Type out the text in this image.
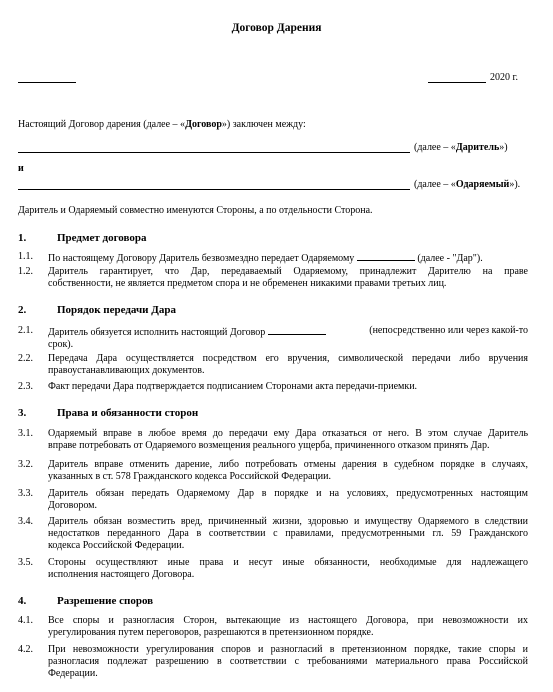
Договор Дарения
2020 г.
Настоящий Договор дарения (далее – «Договор») заключен между:
(далее – «Даритель»)
и
(далее – «Одаряемый»).
Даритель и Одаряемый совместно именуются Стороны, а по отдельности Сторона.
1.	Предмет договора
1.1.	По настоящему Договору Даритель безвозмездно передает Одаряемому	(далее - "Дар").
1.2.	Даритель гарантирует, что Дар, передаваемый Одаряемому, принадлежит Дарителю на праве
собственности, не является предметом спора и не обременен никакими правами третьих лиц.
2.	Порядок передачи Дара
2.1.	Даритель обязуется исполнить настоящий Договор	(непосредственно или через какой-то
срок).
2.2.	Передача Дара осуществляется посредством его вручения, символической передачи либо вручения
правоустанавливающих документов.
2.3.	Факт передачи Дара подтверждается подписанием Сторонами акта передачи-приемки.
3.	Права и обязанности сторон
3.1.	Одаряемый вправе в любое время до передачи ему Дара отказаться от него. В этом случае Даритель
вправе потребовать от Одаряемого возмещения реального ущерба, причиненного отказом принять Дар.
3.2.	Даритель вправе отменить дарение, либо потребовать отмены дарения в судебном порядке в случаях,
указанных в ст. 578 Гражданского кодекса Российской Федерации.
3.3.	Даритель обязан передать Одаряемому Дар в порядке и на условиях, предусмотренных настоящим
Договором.
3.4.	Даритель обязан возместить вред, причиненный жизни, здоровью и имуществу Одаряемого в следствии
недостатков переданного Дара в соответствии с правилами, предусмотренными гл. 59 Гражданского
кодекса Российской Федерации.
3.5.	Стороны осуществляют иные права и несут иные обязанности, необходимые для надлежащего
исполнения настоящего Договора.
4.	Разрешение споров
4.1.	Все споры и разногласия Сторон, вытекающие из настоящего Договора, при невозможности их
урегулирования путем переговоров, разрешаются в претензионном порядке.
4.2.	При невозможности урегулирования споров и разногласий в претензионном порядке, такие споры и
разногласия подлежат разрешению в соответствии с требованиями материального права Российской
Федерации.
